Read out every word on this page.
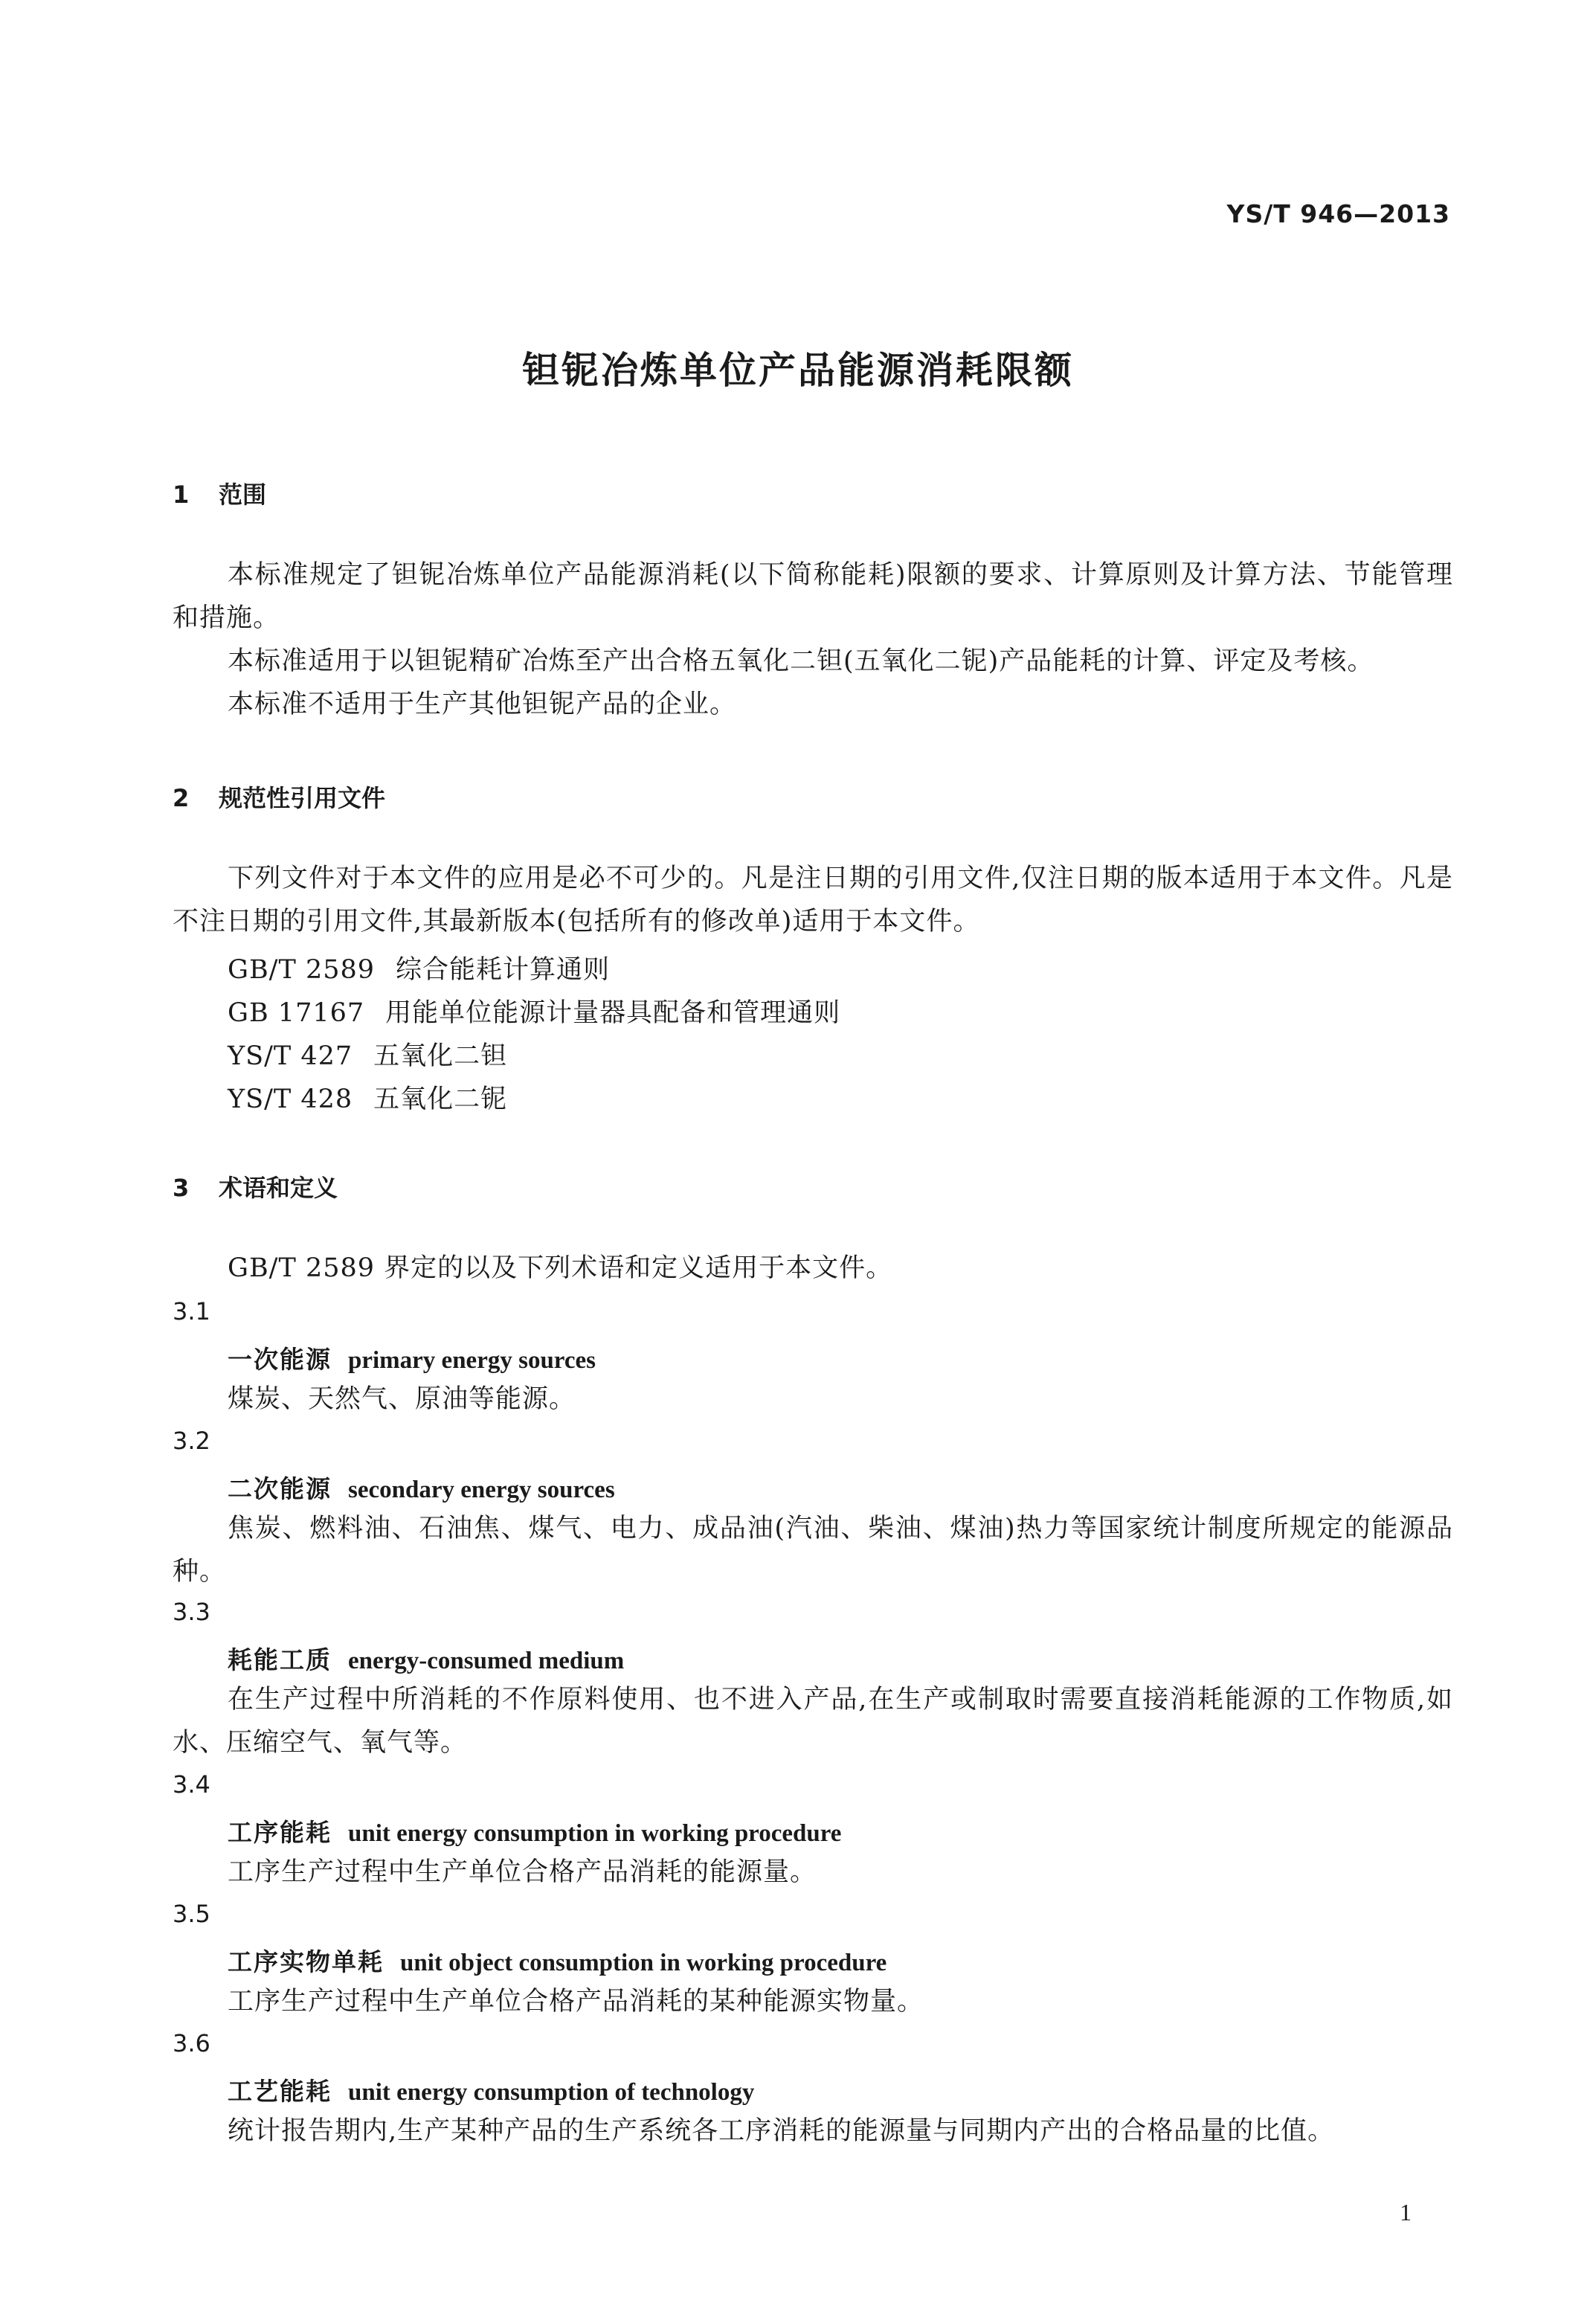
YS/T 946—2013
钽铌冶炼单位产品能源消耗限额
1 范围
本标准规定了钽铌冶炼单位产品能源消耗(以下简称能耗)限额的要求、计算原则及计算方法、节能管理和措施。
本标准适用于以钽铌精矿冶炼至产出合格五氧化二钽(五氧化二铌)产品能耗的计算、评定及考核。
本标准不适用于生产其他钽铌产品的企业。
2 规范性引用文件
下列文件对于本文件的应用是必不可少的。凡是注日期的引用文件,仅注日期的版本适用于本文件。凡是不注日期的引用文件,其最新版本(包括所有的修改单)适用于本文件。
GB/T 2589 综合能耗计算通则
GB 17167 用能单位能源计量器具配备和管理通则
YS/T 427 五氧化二钽
YS/T 428 五氧化二铌
3 术语和定义
GB/T 2589 界定的以及下列术语和定义适用于本文件。
3.1
一次能源 primary energy sources
煤炭、天然气、原油等能源。
3.2
二次能源 secondary energy sources
焦炭、燃料油、石油焦、煤气、电力、成品油(汽油、柴油、煤油)热力等国家统计制度所规定的能源品种。
3.3
耗能工质 energy-consumed medium
在生产过程中所消耗的不作原料使用、也不进入产品,在生产或制取时需要直接消耗能源的工作物质,如水、压缩空气、氧气等。
3.4
工序能耗 unit energy consumption in working procedure
工序生产过程中生产单位合格产品消耗的能源量。
3.5
工序实物单耗 unit object consumption in working procedure
工序生产过程中生产单位合格产品消耗的某种能源实物量。
3.6
工艺能耗 unit energy consumption of technology
统计报告期内,生产某种产品的生产系统各工序消耗的能源量与同期内产出的合格品量的比值。
1
